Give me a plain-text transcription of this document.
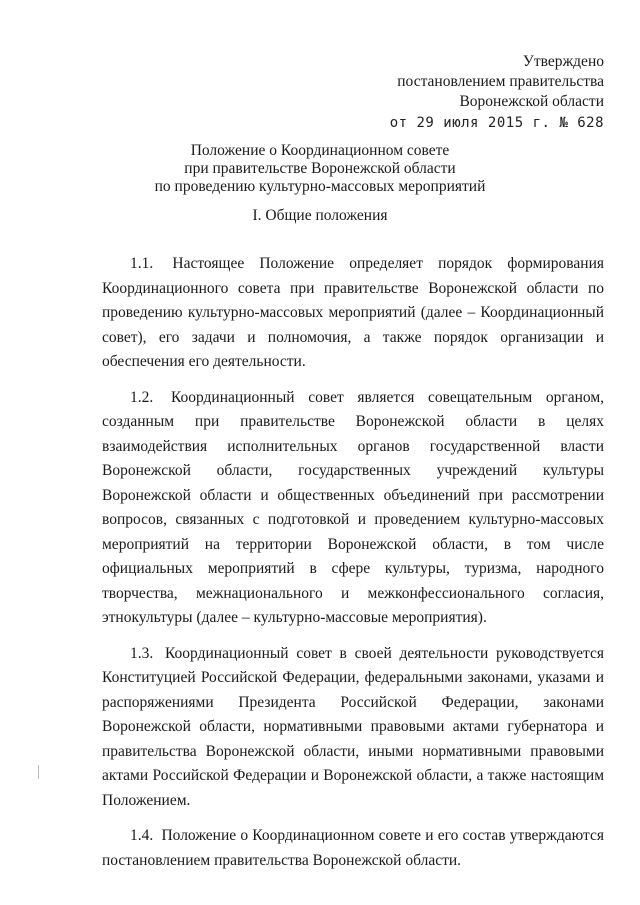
Утверждено
постановлением правительства
Воронежской области
от 29 июля 2015 г. № 628
Положение о Координационном совете
при правительстве Воронежской области
по проведению культурно-массовых мероприятий
I. Общие положения

1.1. Настоящее Положение определяет порядок формирования Координационного совета при правительстве Воронежской области по проведению культурно-массовых мероприятий (далее – Координационный совет), его задачи и полномочия, а также порядок организации и обеспечения его деятельности.

1.2. Координационный совет является совещательным органом, созданным при правительстве Воронежской области в целях взаимодействия исполнительных органов государственной власти Воронежской области, государственных учреждений культуры Воронежской области и общественных объединений при рассмотрении вопросов, связанных с подготовкой и проведением культурно-массовых мероприятий на территории Воронежской области, в том числе официальных мероприятий в сфере культуры, туризма, народного творчества, межнационального и межконфессионального согласия, этнокультуры (далее – культурно-массовые мероприятия).

1.3. Координационный совет в своей деятельности руководствуется Конституцией Российской Федерации, федеральными законами, указами и распоряжениями Президента Российской Федерации, законами Воронежской области, нормативными правовыми актами губернатора и правительства Воронежской области, иными нормативными правовыми актами Российской Федерации и Воронежской области, а также настоящим Положением.

1.4. Положение о Координационном совете и его состав утверждаются постановлением правительства Воронежской области.
